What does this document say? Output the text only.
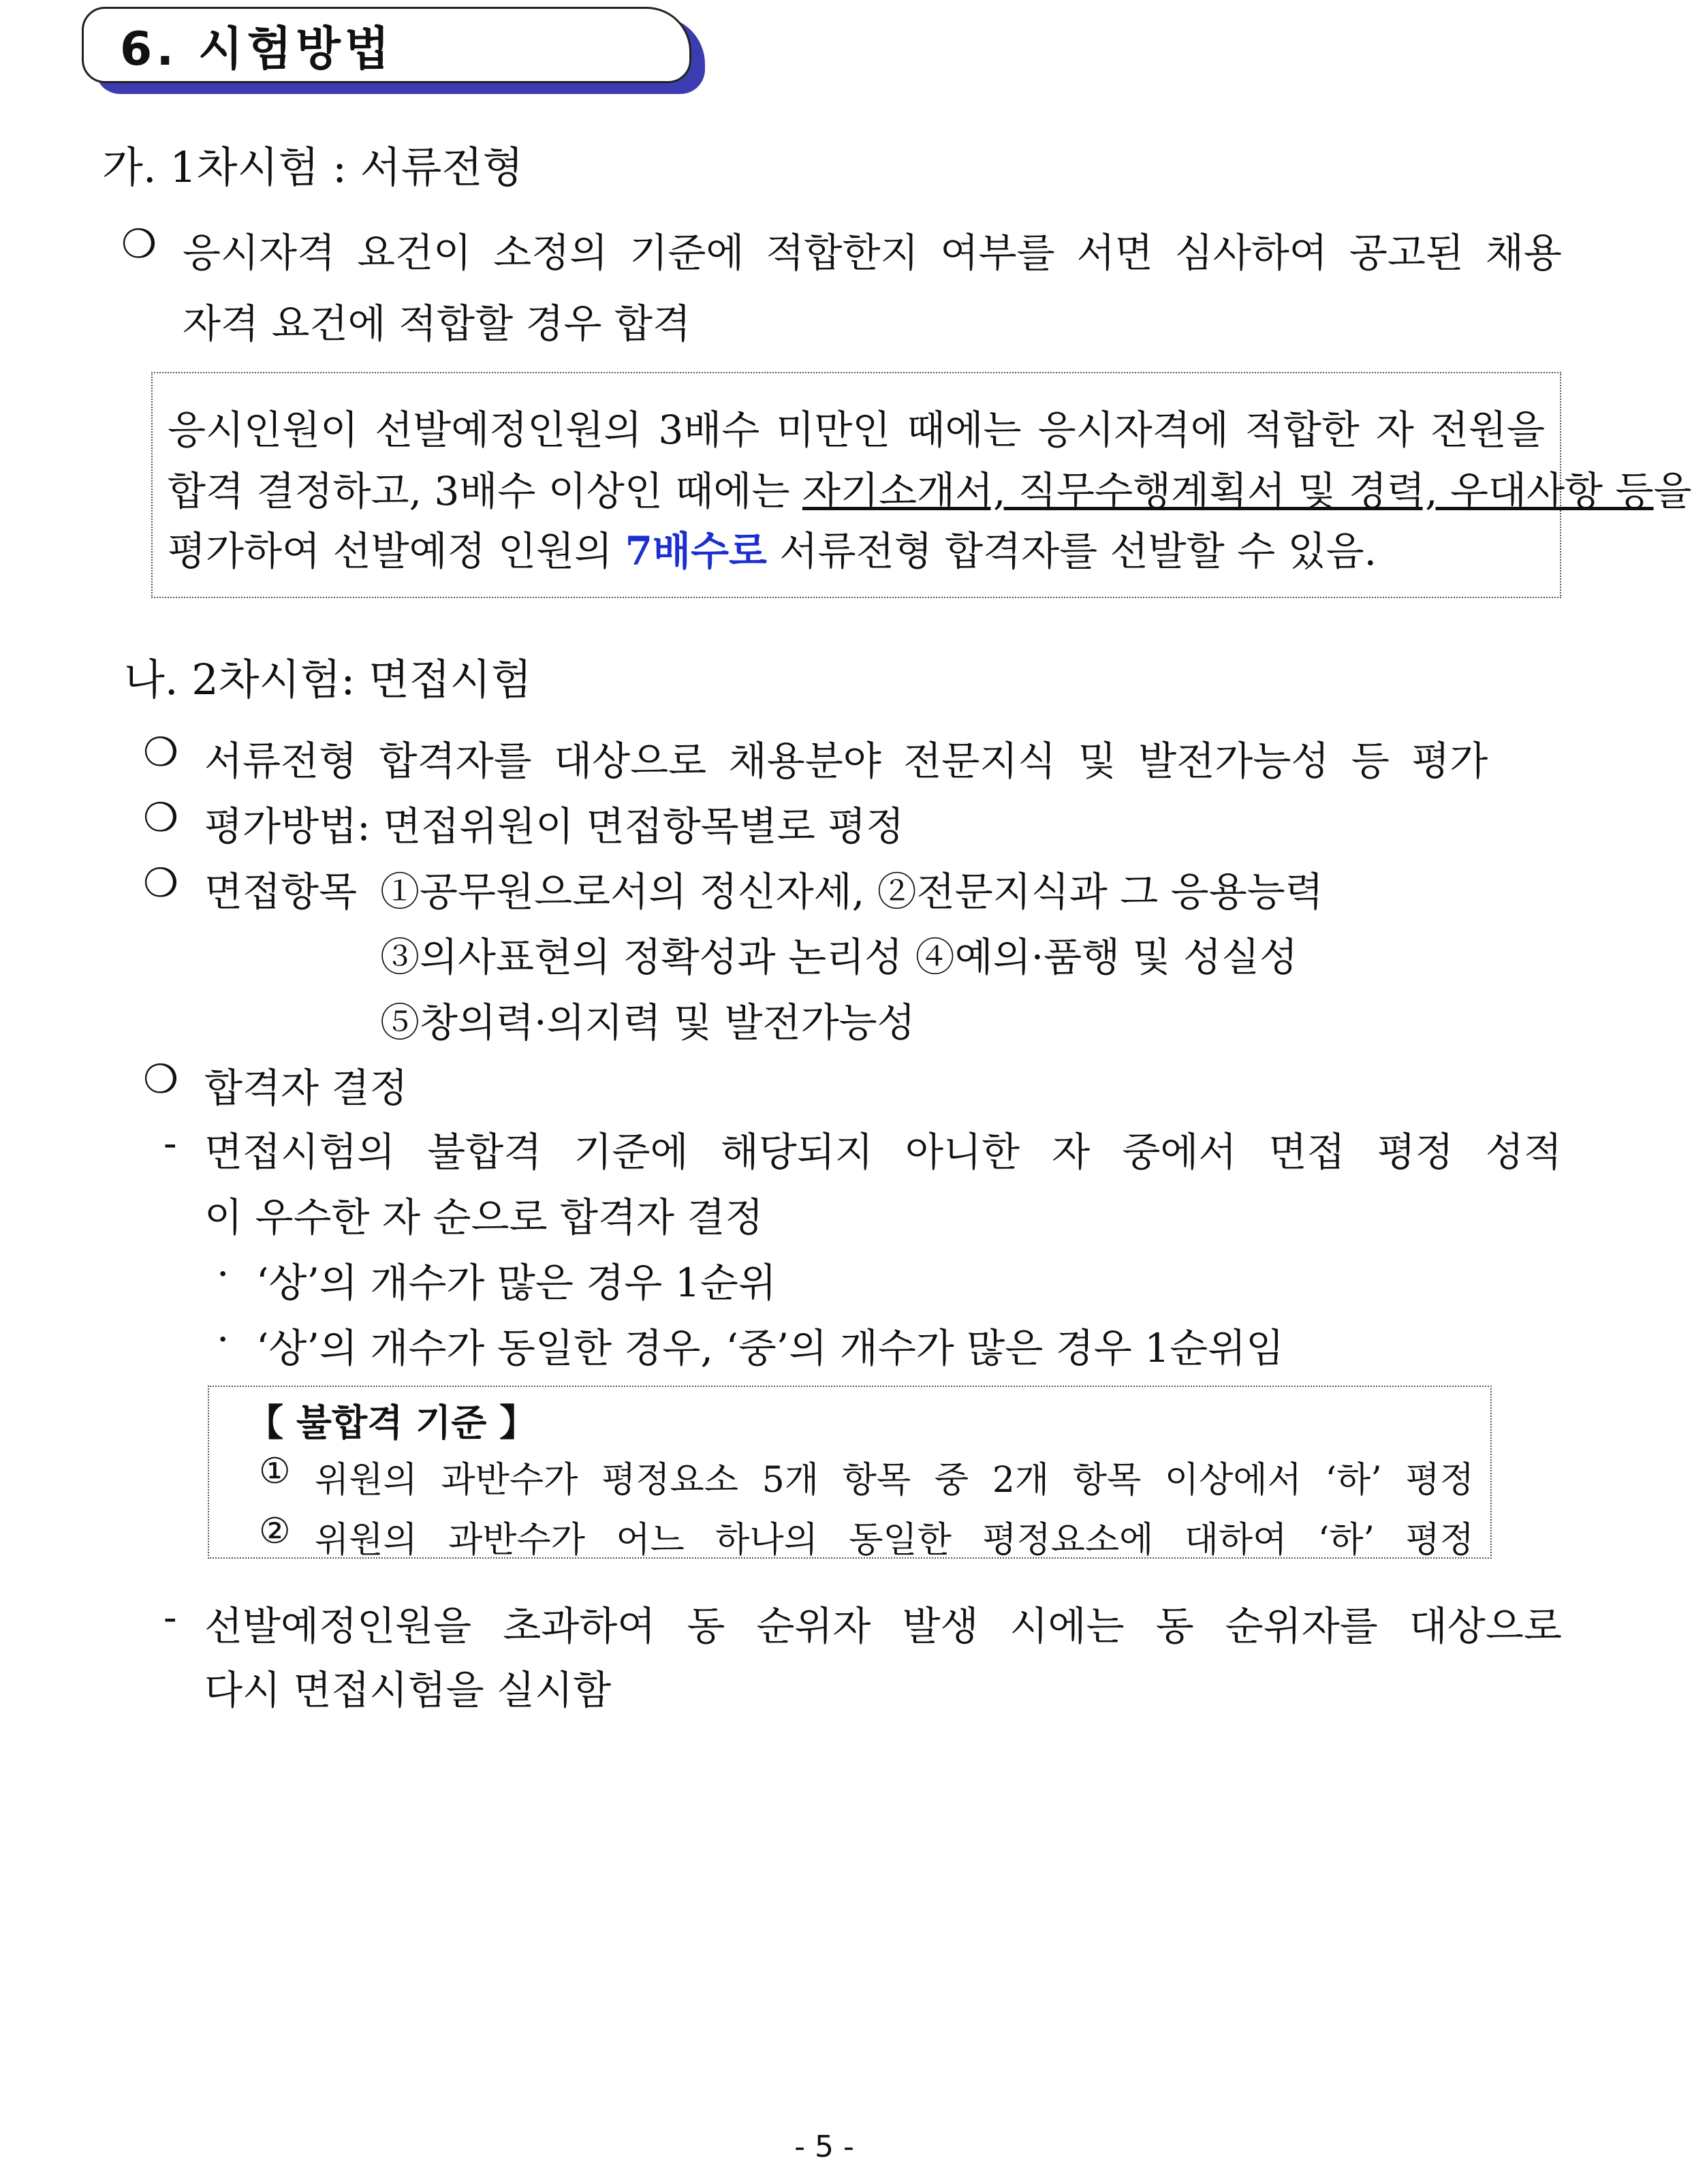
6. 시험방법
가. 1차시험 : 서류전형
❍ 응시자격 요건이 소정의 기준에 적합한지 여부를 서면 심사하여 공고된 채용
자격 요건에 적합할 경우 합격
응시인원이 선발예정인원의 3배수 미만인 때에는 응시자격에 적합한 자 전원을
합격 결정하고, 3배수 이상인 때에는 자기소개서, 직무수행계획서 및 경력, 우대사항 등을
평가하여 선발예정 인원의 7배수로 서류전형 합격자를 선발할 수 있음.
나. 2차시험: 면접시험
❍ 서류전형 합격자를 대상으로 채용분야 전문지식 및 발전가능성 등 평가
❍ 평가방법: 면접위원이 면접항목별로 평정
❍ 면접항목 ①공무원으로서의 정신자세, ②전문지식과 그 응용능력
③의사표현의 정확성과 논리성 ④예의·품행 및 성실성
⑤창의력·의지력 및 발전가능성
❍ 합격자 결정
- 면접시험의 불합격 기준에 해당되지 아니한 자 중에서 면접 평정 성적
이 우수한 자 순으로 합격자 결정
· ‘상’의 개수가 많은 경우 1순위
· ‘상’의 개수가 동일한 경우, ‘중’의 개수가 많은 경우 1순위임
【 불합격 기준 】
① 위원의 과반수가 평정요소 5개 항목 중 2개 항목 이상에서 ‘하’ 평정
② 위원의 과반수가 어느 하나의 동일한 평정요소에 대하여 ‘하’ 평정
- 선발예정인원을 초과하여 동 순위자 발생 시에는 동 순위자를 대상으로
다시 면접시험을 실시함
- 5 -
